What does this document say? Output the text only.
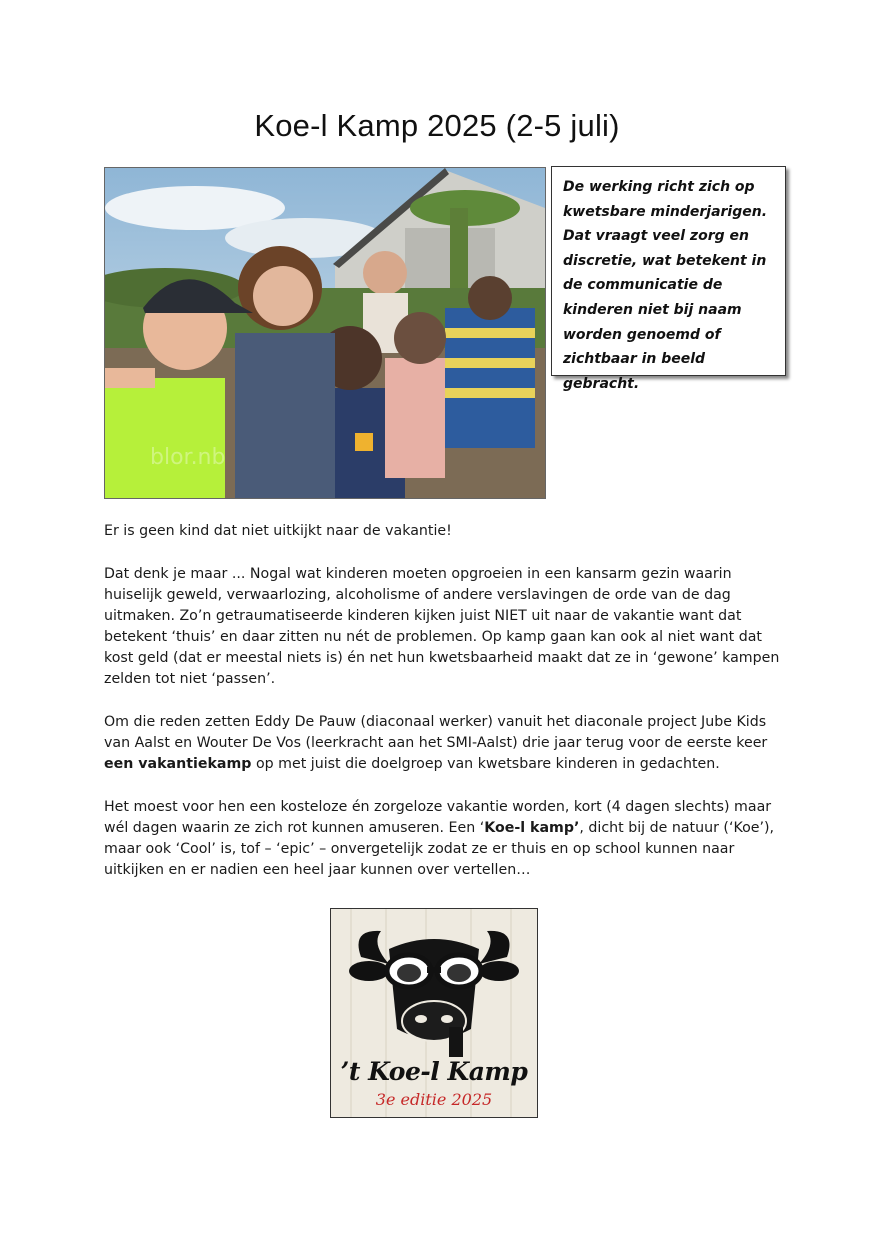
Koe-l Kamp 2025 (2-5 juli)
blor.nb
De werking richt zich op kwetsbare minderjarigen. Dat vraagt veel zorg en discretie, wat betekent in de communicatie de kinderen niet bij naam worden genoemd of zichtbaar in beeld gebracht.
Er is geen kind dat niet uitkijkt naar de vakantie!
Dat denk je maar ... Nogal wat kinderen moeten opgroeien in een kansarm gezin waarin huiselijk geweld, verwaarlozing, alcoholisme of andere verslavingen de orde van de dag uitmaken. Zo’n getraumatiseerde kinderen kijken juist NIET uit naar de vakantie want dat betekent ‘thuis’ en daar zitten nu nét de problemen. Op kamp gaan kan ook al niet want dat kost geld (dat er meestal niets is) én net hun kwetsbaarheid maakt dat ze in ‘gewone’ kampen zelden tot niet ‘passen’.
Om die reden zetten Eddy De Pauw (diaconaal werker) vanuit het diaconale project Jube Kids van Aalst en Wouter De Vos (leerkracht aan het SMI-Aalst) drie jaar terug voor de eerste keer een vakantiekamp op met juist die doelgroep van kwetsbare kinderen in gedachten.
Het moest voor hen een kosteloze én zorgeloze vakantie worden, kort (4 dagen slechts) maar wél dagen waarin ze zich rot kunnen amuseren. Een ‘Koe-l kamp’, dicht bij de natuur (‘Koe’), maar ook ‘Cool’ is, tof – ‘epic’ – onvergetelijk zodat ze er thuis en op school kunnen naar uitkijken en er nadien een heel jaar kunnen over vertellen…
’t Koe-l Kamp
3e editie 2025
